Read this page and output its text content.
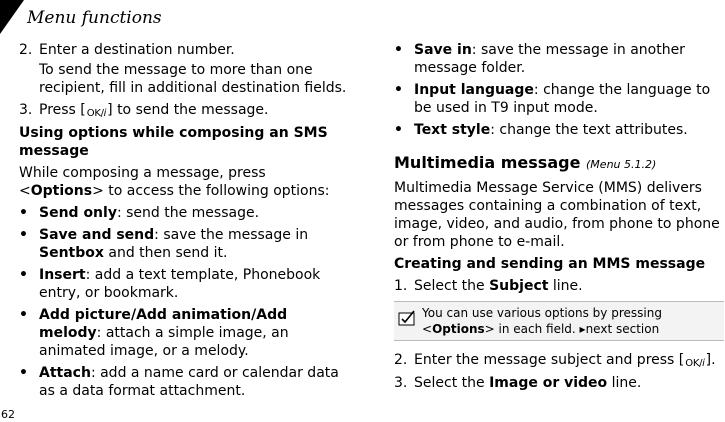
Menu functions
2. Enter a destination number.

To send the message to more than one recipient, fill in additional destination fields.

3. Press [OK/i] to send the message.

Using options while composing an SMS message

While composing a message, press <Options> to access the following options:

• Send only: send the message.
• Save and send: save the message in Sentbox and then send it.
• Insert: add a text template, Phonebook entry, or bookmark.
• Add picture/Add animation/Add melody: attach a simple image, an animated image, or a melody.
• Attach: add a name card or calendar data as a data format attachment.
• Save in: save the message in another message folder.
• Input language: change the language to be used in T9 input mode.
• Text style: change the text attributes.

Multimedia message (Menu 5.1.2)

Multimedia Message Service (MMS) delivers messages containing a combination of text, image, video, and audio, from phone to phone or from phone to e-mail.

Creating and sending an MMS message

1. Select the Subject line.
You can use various options by pressing <Options> in each field. ▸next section
2. Enter the message subject and press [OK/i].
3. Select the Image or video line.
62
